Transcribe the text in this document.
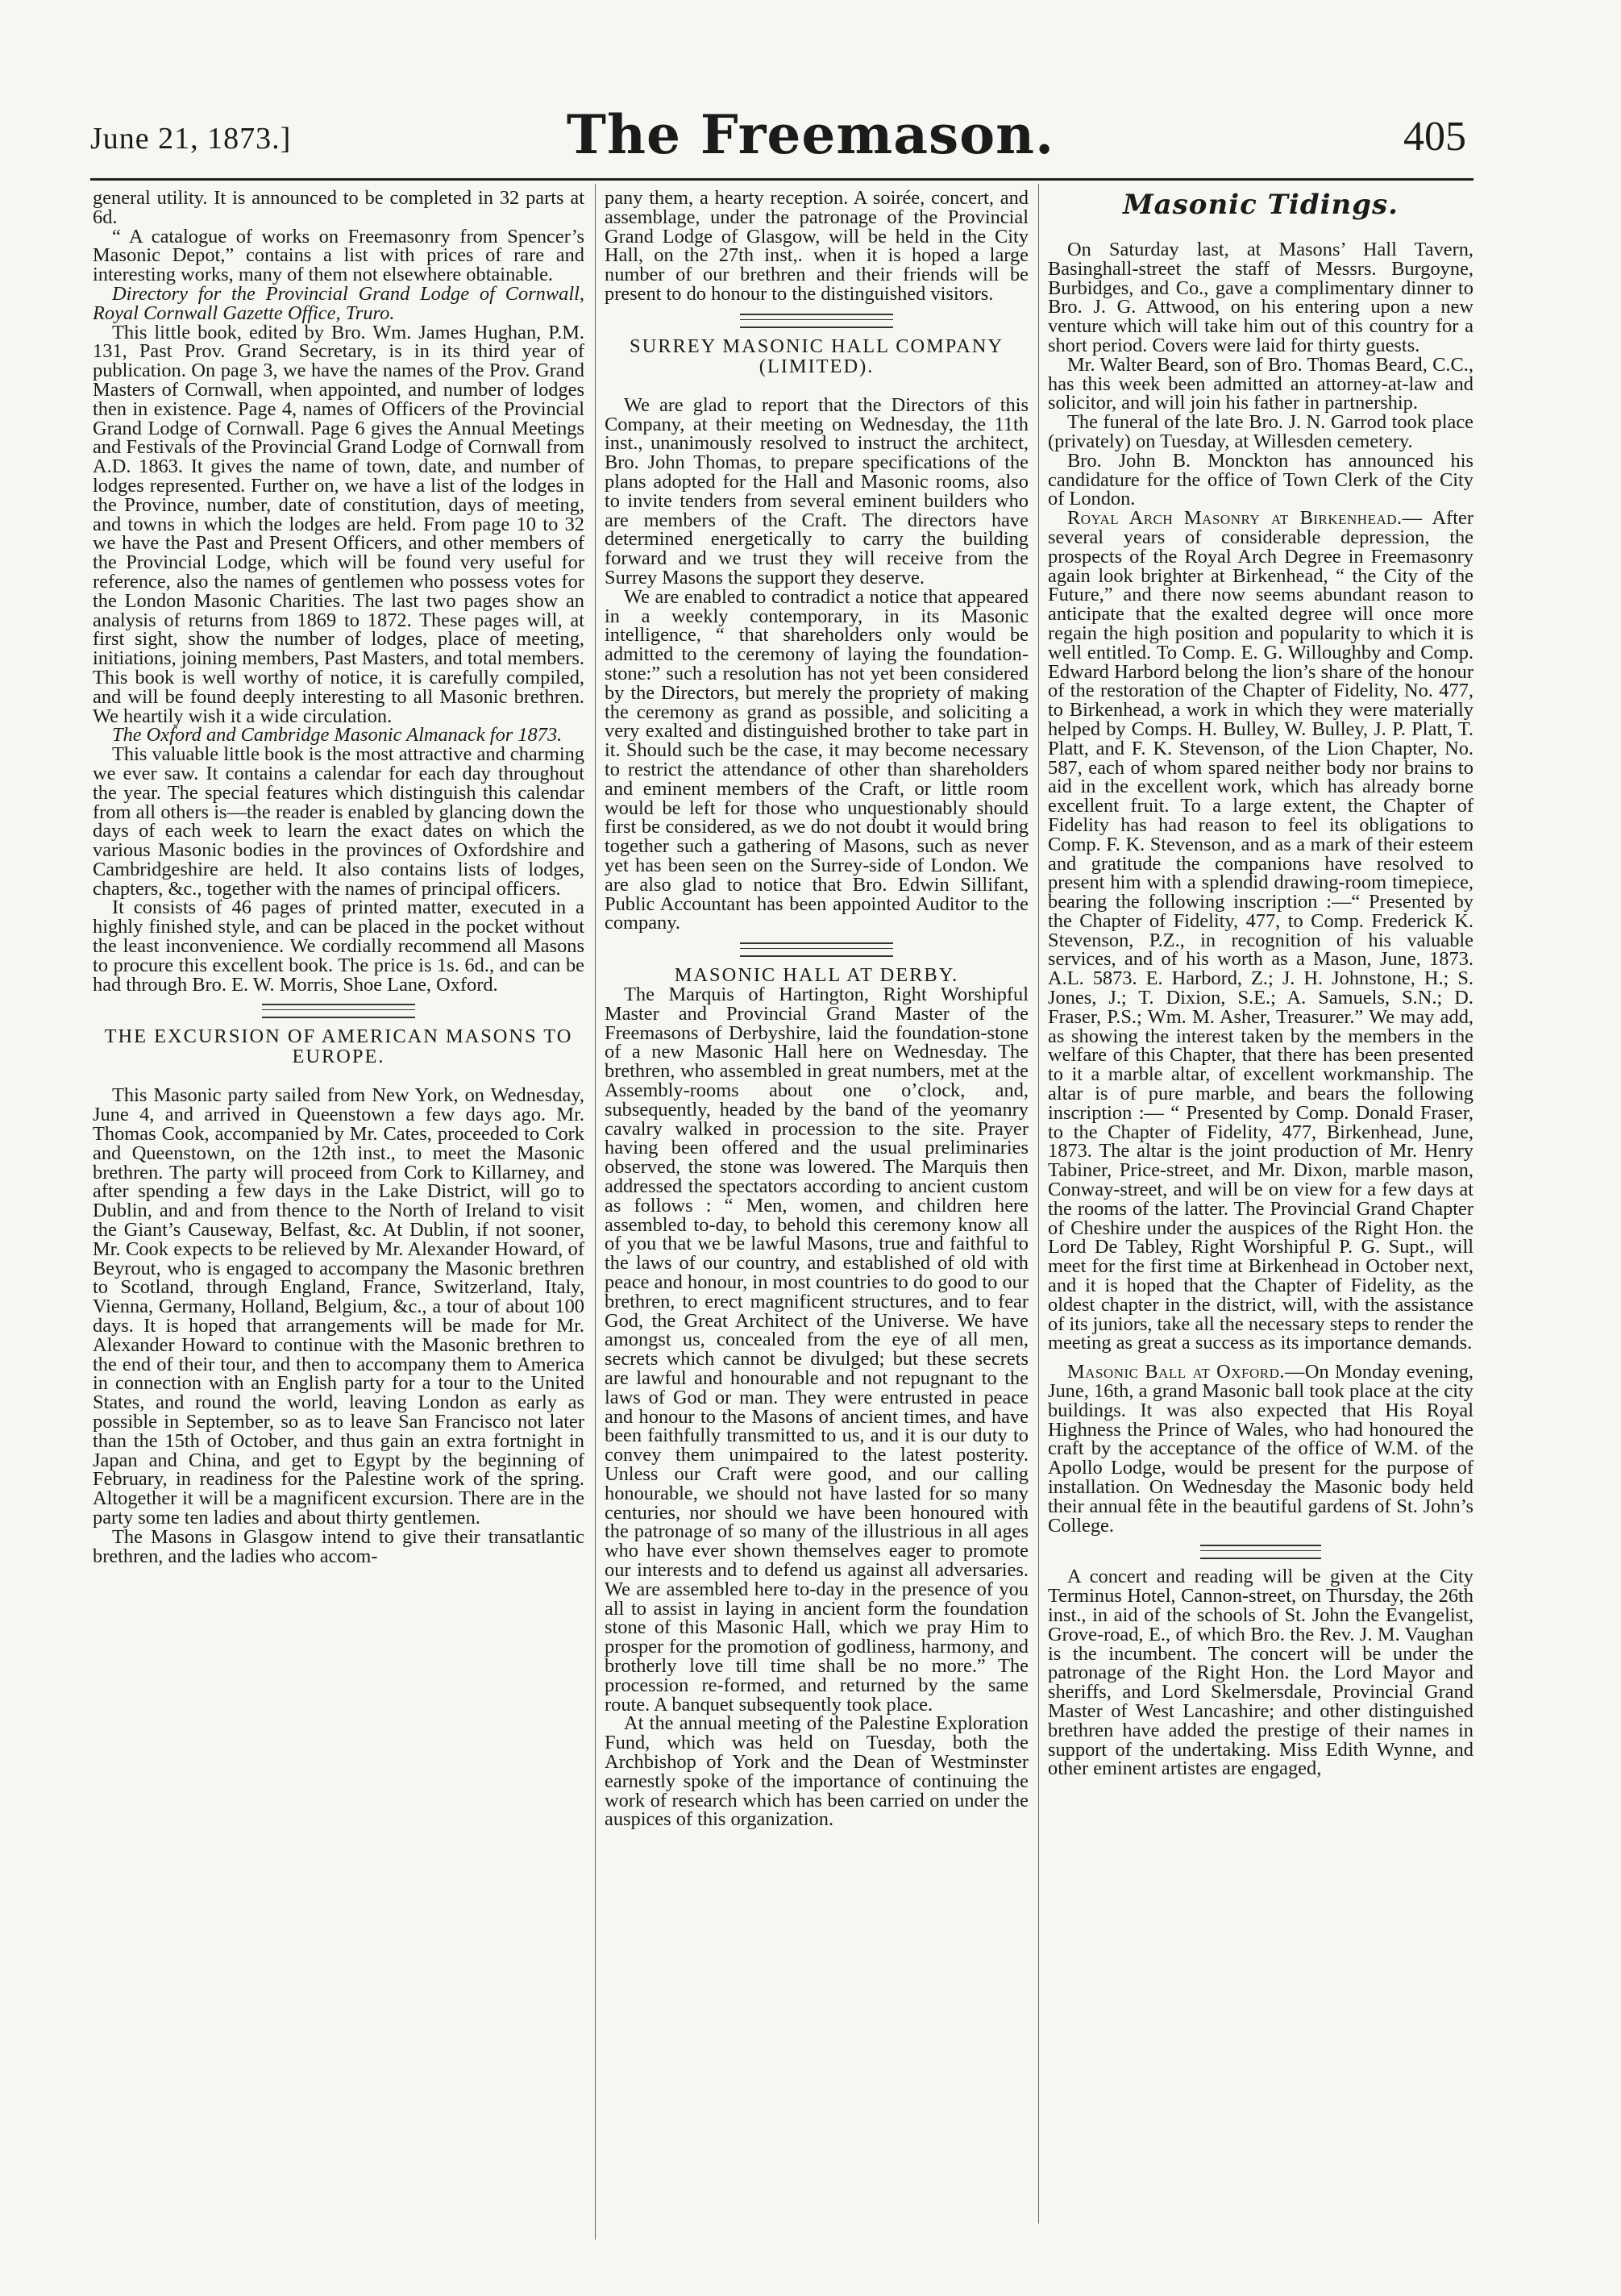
June 21, 1873.]	The Freemason.	405

general utility. It is announced to be completed in 32 parts at 6d.

“ A catalogue of works on Freemasonry from Spencer’s Masonic Depot,” contains a list with prices of rare and interesting works, many of them not elsewhere obtainable.

Directory for the Provincial Grand Lodge of Cornwall, Royal Cornwall Gazette Office, Truro.

This little book, edited by Bro. Wm. James Hughan, P.M. 131, Past Prov. Grand Secretary, is in its third year of publication. On page 3, we have the names of the Prov. Grand Masters of Cornwall, when appointed, and number of lodges then in existence. Page 4, names of Officers of the Provincial Grand Lodge of Cornwall. Page 6 gives the Annual Meetings and Festivals of the Provincial Grand Lodge of Cornwall from A.D. 1863. It gives the name of town, date, and number of lodges represented. Further on, we have a list of the lodges in the Province, number, date of constitution, days of meeting, and towns in which the lodges are held. From page 10 to 32 we have the Past and Present Officers, and other members of the Provincial Lodge, which will be found very useful for reference, also the names of gentlemen who possess votes for the London Masonic Charities. The last two pages show an analysis of returns from 1869 to 1872. These pages will, at first sight, show the number of lodges, place of meeting, initiations, joining members, Past Masters, and total members. This book is well worthy of notice, it is carefully compiled, and will be found deeply interesting to all Masonic brethren. We heartily wish it a wide circulation.

The Oxford and Cambridge Masonic Almanack for 1873.

This valuable little book is the most attractive and charming we ever saw. It contains a calendar for each day throughout the year. The special features which distinguish this calendar from all others is—the reader is enabled by glancing down the days of each week to learn the exact dates on which the various Masonic bodies in the provinces of Oxfordshire and Cambridgeshire are held. It also contains lists of lodges, chapters, &c., together with the names of principal officers.

It consists of 46 pages of printed matter, executed in a highly finished style, and can be placed in the pocket without the least inconvenience. We cordially recommend all Masons to procure this excellent book. The price is 1s. 6d., and can be had through Bro. E. W. Morris, Shoe Lane, Oxford.

THE EXCURSION OF AMERICAN MASONS TO EUROPE.

This Masonic party sailed from New York, on Wednesday, June 4, and arrived in Queenstown a few days ago. Mr. Thomas Cook, accompanied by Mr. Cates, proceeded to Cork and Queenstown, on the 12th inst., to meet the Masonic brethren. The party will proceed from Cork to Killarney, and after spending a few days in the Lake District, will go to Dublin, and and from thence to the North of Ireland to visit the Giant’s Causeway, Belfast, &c. At Dublin, if not sooner, Mr. Cook expects to be relieved by Mr. Alexander Howard, of Beyrout, who is engaged to accompany the Masonic brethren to Scotland, through England, France, Switzerland, Italy, Vienna, Germany, Holland, Belgium, &c., a tour of about 100 days. It is hoped that arrangements will be made for Mr. Alexander Howard to continue with the Masonic brethren to the end of their tour, and then to accompany them to America in connection with an English party for a tour to the United States, and round the world, leaving London as early as possible in September, so as to leave San Francisco not later than the 15th of October, and thus gain an extra fortnight in Japan and China, and get to Egypt by the beginning of February, in readiness for the Palestine work of the spring. Altogether it will be a magnificent excursion. There are in the party some ten ladies and about thirty gentlemen.

The Masons in Glasgow intend to give their transatlantic brethren, and the ladies who accom-

pany them, a hearty reception. A soirée, concert, and assemblage, under the patronage of the Provincial Grand Lodge of Glasgow, will be held in the City Hall, on the 27th inst,. when it is hoped a large number of our brethren and their friends will be present to do honour to the distinguished visitors.

SURREY MASONIC HALL COMPANY (LIMITED).

We are glad to report that the Directors of this Company, at their meeting on Wednesday, the 11th inst., unanimously resolved to instruct the architect, Bro. John Thomas, to prepare specifications of the plans adopted for the Hall and Masonic rooms, also to invite tenders from several eminent builders who are members of the Craft. The directors have determined energetically to carry the building forward and we trust they will receive from the Surrey Masons the support they deserve.

We are enabled to contradict a notice that appeared in a weekly contemporary, in its Masonic intelligence, “ that shareholders only would be admitted to the ceremony of laying the foundation-stone:” such a resolution has not yet been considered by the Directors, but merely the propriety of making the ceremony as grand as possible, and soliciting a very exalted and distinguished brother to take part in it. Should such be the case, it may become necessary to restrict the attendance of other than shareholders and eminent members of the Craft, or little room would be left for those who unquestionably should first be considered, as we do not doubt it would bring together such a gathering of Masons, such as never yet has been seen on the Surrey-side of London. We are also glad to notice that Bro. Edwin Sillifant, Public Accountant has been appointed Auditor to the company.

MASONIC HALL AT DERBY.

The Marquis of Hartington, Right Worshipful Master and Provincial Grand Master of the Freemasons of Derbyshire, laid the foundation-stone of a new Masonic Hall here on Wednesday. The brethren, who assembled in great numbers, met at the Assembly-rooms about one o’clock, and, subsequently, headed by the band of the yeomanry cavalry walked in procession to the site. Prayer having been offered and the usual preliminaries observed, the stone was lowered. The Marquis then addressed the spectators according to ancient custom as follows : “ Men, women, and children here assembled to-day, to behold this ceremony know all of you that we be lawful Masons, true and faithful to the laws of our country, and established of old with peace and honour, in most countries to do good to our brethren, to erect magnificent structures, and to fear God, the Great Architect of the Universe. We have amongst us, concealed from the eye of all men, secrets which cannot be divulged; but these secrets are lawful and honourable and not repugnant to the laws of God or man. They were entrusted in peace and honour to the Masons of ancient times, and have been faithfully transmitted to us, and it is our duty to convey them unimpaired to the latest posterity. Unless our Craft were good, and our calling honourable, we should not have lasted for so many centuries, nor should we have been honoured with the patronage of so many of the illustrious in all ages who have ever shown themselves eager to promote our interests and to defend us against all adversaries. We are assembled here to-day in the presence of you all to assist in laying in ancient form the foundation stone of this Masonic Hall, which we pray Him to prosper for the promotion of godliness, harmony, and brotherly love till time shall be no more.” The procession re-formed, and returned by the same route. A banquet subsequently took place.

At the annual meeting of the Palestine Exploration Fund, which was held on Tuesday, both the Archbishop of York and the Dean of Westminster earnestly spoke of the importance of continuing the work of research which has been carried on under the auspices of this organization.

Masonic Tidings.

On Saturday last, at Masons’ Hall Tavern, Basinghall-street the staff of Messrs. Burgoyne, Burbidges, and Co., gave a complimentary dinner to Bro. J. G. Attwood, on his entering upon a new venture which will take him out of this country for a short period. Covers were laid for thirty guests.

Mr. Walter Beard, son of Bro. Thomas Beard, C.C., has this week been admitted an attorney-at-law and solicitor, and will join his father in partnership.

The funeral of the late Bro. J. N. Garrod took place (privately) on Tuesday, at Willesden cemetery.

Bro. John B. Monckton has announced his candidature for the office of Town Clerk of the City of London.

Royal Arch Masonry at Birkenhead.— After several years of considerable depression, the prospects of the Royal Arch Degree in Freemasonry again look brighter at Birkenhead, “ the City of the Future,” and there now seems abundant reason to anticipate that the exalted degree will once more regain the high position and popularity to which it is well entitled. To Comp. E. G. Willoughby and Comp. Edward Harbord belong the lion’s share of the honour of the restoration of the Chapter of Fidelity, No. 477, to Birkenhead, a work in which they were materially helped by Comps. H. Bulley, W. Bulley, J. P. Platt, T. Platt, and F. K. Stevenson, of the Lion Chapter, No. 587, each of whom spared neither body nor brains to aid in the excellent work, which has already borne excellent fruit. To a large extent, the Chapter of Fidelity has had reason to feel its obligations to Comp. F. K. Stevenson, and as a mark of their esteem and gratitude the companions have resolved to present him with a splendid drawing-room timepiece, bearing the following inscription :—“ Presented by the Chapter of Fidelity, 477, to Comp. Frederick K. Stevenson, P.Z., in recognition of his valuable services, and of his worth as a Mason, June, 1873. A.L. 5873. E. Harbord, Z.; J. H. Johnstone, H.; S. Jones, J.; T. Dixion, S.E.; A. Samuels, S.N.; D. Fraser, P.S.; Wm. M. Asher, Treasurer.” We may add, as showing the interest taken by the members in the welfare of this Chapter, that there has been presented to it a marble altar, of excellent workmanship. The altar is of pure marble, and bears the following inscription :— “ Presented by Comp. Donald Fraser, to the Chapter of Fidelity, 477, Birkenhead, June, 1873. The altar is the joint production of Mr. Henry Tabiner, Price-street, and Mr. Dixon, marble mason, Conway-street, and will be on view for a few days at the rooms of the latter. The Provincial Grand Chapter of Cheshire under the auspices of the Right Hon. the Lord De Tabley, Right Worshipful P. G. Supt., will meet for the first time at Birkenhead in October next, and it is hoped that the Chapter of Fidelity, as the oldest chapter in the district, will, with the assistance of its juniors, take all the necessary steps to render the meeting as great a success as its importance demands.

Masonic Ball at Oxford.—On Monday evening, June, 16th, a grand Masonic ball took place at the city buildings. It was also expected that His Royal Highness the Prince of Wales, who had honoured the craft by the acceptance of the office of W.M. of the Apollo Lodge, would be present for the purpose of installation. On Wednesday the Masonic body held their annual fête in the beautiful gardens of St. John’s College.

A concert and reading will be given at the City Terminus Hotel, Cannon-street, on Thursday, the 26th inst., in aid of the schools of St. John the Evangelist, Grove-road, E., of which Bro. the Rev. J. M. Vaughan is the incumbent. The concert will be under the patronage of the Right Hon. the Lord Mayor and sheriffs, and Lord Skelmersdale, Provincial Grand Master of West Lancashire; and other distinguished brethren have added the prestige of their names in support of the undertaking. Miss Edith Wynne, and other eminent artistes are engaged,
